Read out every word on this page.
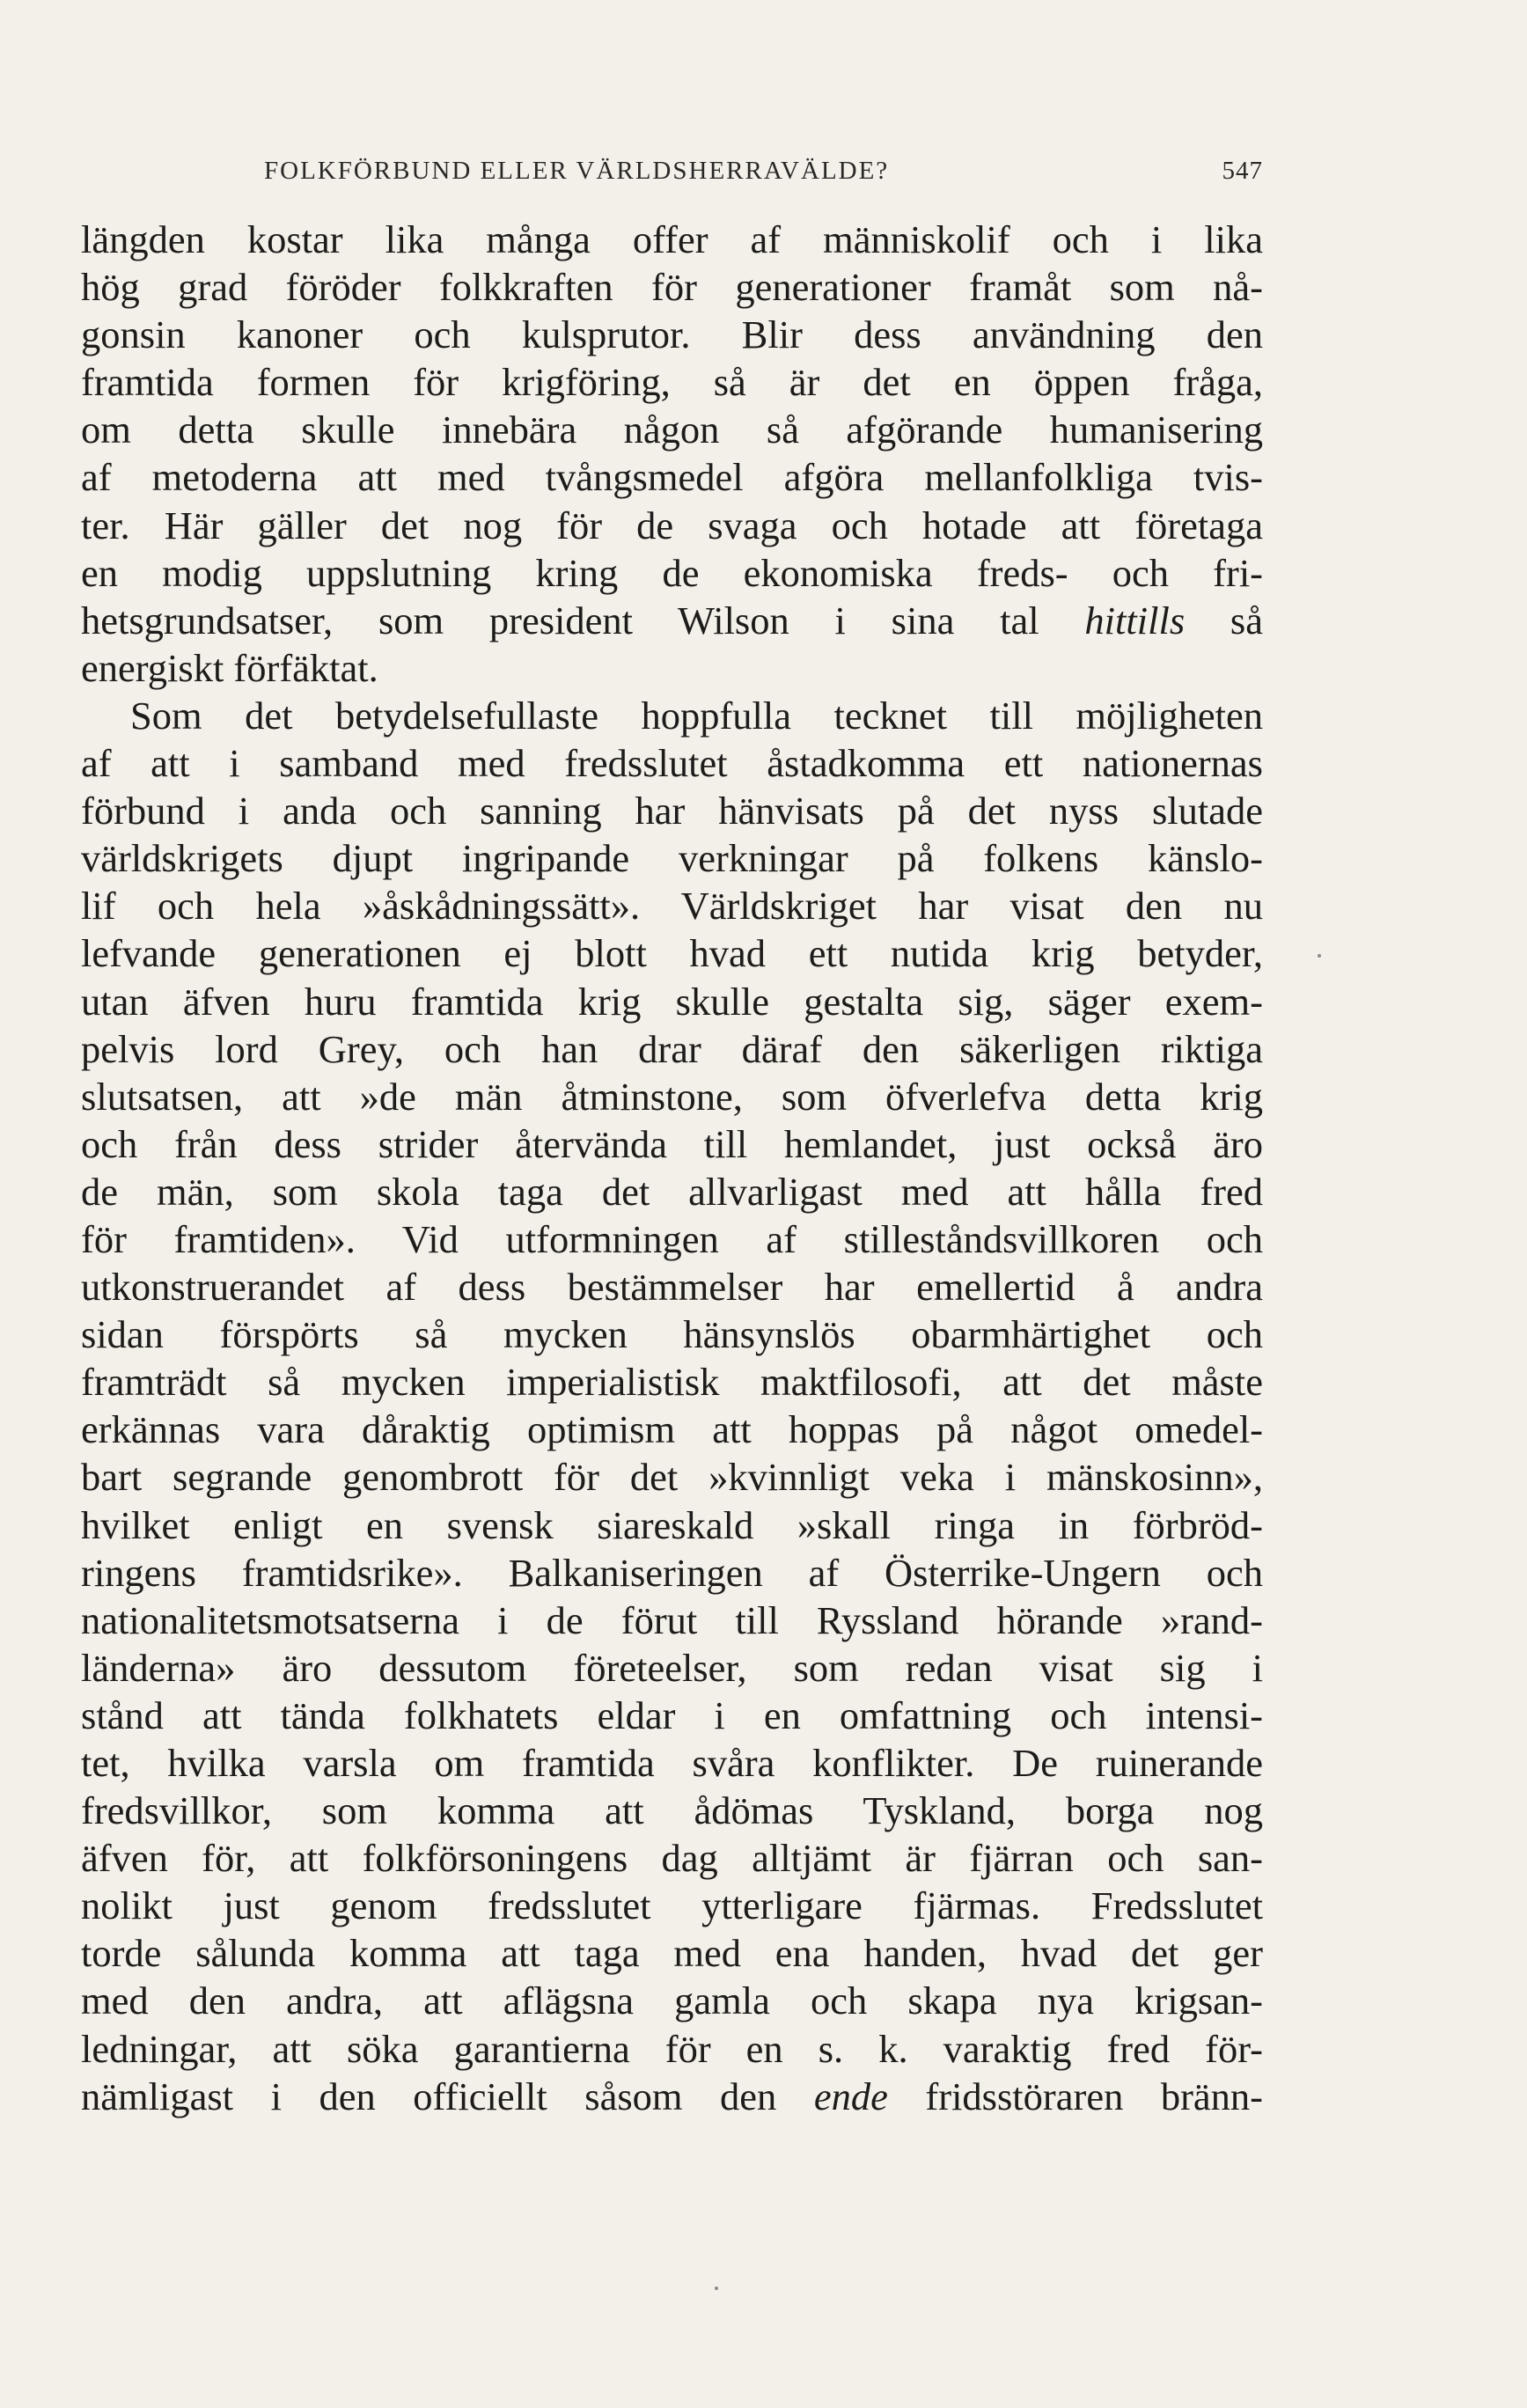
FOLKFÖRBUND ELLER VÄRLDSHERRAVÄLDE?	547
längden kostar lika många offer af människolif och i lika
hög grad föröder folkkraften för generationer framåt som nå-
gonsin kanoner och kulsprutor. Blir dess användning den
framtida formen för krigföring, så är det en öppen fråga,
om detta skulle innebära någon så afgörande humanisering
af metoderna att med tvångsmedel afgöra mellanfolkliga tvis-
ter. Här gäller det nog för de svaga och hotade att företaga
en modig uppslutning kring de ekonomiska freds- och fri-
hetsgrundsatser, som president Wilson i sina tal hittills så
energiskt förfäktat.
Som det betydelsefullaste hoppfulla tecknet till möjligheten
af att i samband med fredsslutet åstadkomma ett nationernas
förbund i anda och sanning har hänvisats på det nyss slutade
världskrigets djupt ingripande verkningar på folkens känslo-
lif och hela »åskådningssätt». Världskriget har visat den nu
lefvande generationen ej blott hvad ett nutida krig betyder,
utan äfven huru framtida krig skulle gestalta sig, säger exem-
pelvis lord Grey, och han drar däraf den säkerligen riktiga
slutsatsen, att »de män åtminstone, som öfverlefva detta krig
och från dess strider återvända till hemlandet, just också äro
de män, som skola taga det allvarligast med att hålla fred
för framtiden». Vid utformningen af stilleståndsvillkoren och
utkonstruerandet af dess bestämmelser har emellertid å andra
sidan förspörts så mycken hänsynslös obarmhärtighet och
framträdt så mycken imperialistisk maktfilosofi, att det måste
erkännas vara dåraktig optimism att hoppas på något omedel-
bart segrande genombrott för det »kvinnligt veka i mänskosinn»,
hvilket enligt en svensk siareskald »skall ringa in förbröd-
ringens framtidsrike». Balkaniseringen af Österrike-Ungern och
nationalitetsmotsatserna i de förut till Ryssland hörande »rand-
länderna» äro dessutom företeelser, som redan visat sig i
stånd att tända folkhatets eldar i en omfattning och intensi-
tet, hvilka varsla om framtida svåra konflikter. De ruinerande
fredsvillkor, som komma att ådömas Tyskland, borga nog
äfven för, att folkförsoningens dag alltjämt är fjärran och san-
nolikt just genom fredsslutet ytterligare fjärmas. Fredsslutet
torde sålunda komma att taga med ena handen, hvad det ger
med den andra, att aflägsna gamla och skapa nya krigsan-
ledningar, att söka garantierna för en s. k. varaktig fred för-
nämligast i den officiellt såsom den ende fridsstöraren bränn-
